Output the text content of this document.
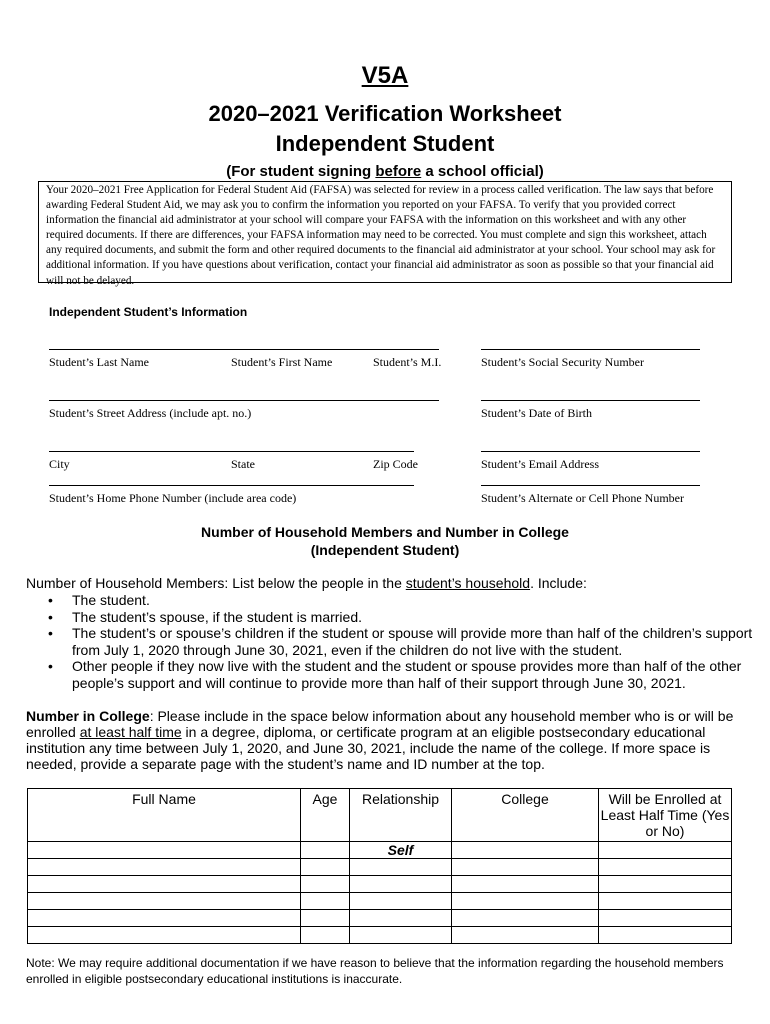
V5A
2020–2021 Verification Worksheet
Independent Student
(For student signing before a school official)
Your 2020–2021 Free Application for Federal Student Aid (FAFSA) was selected for review in a process called verification. The law says that before awarding Federal Student Aid, we may ask you to confirm the information you reported on your FAFSA. To verify that you provided correct information the financial aid administrator at your school will compare your FAFSA with the information on this worksheet and with any other required documents. If there are differences, your FAFSA information may need to be corrected. You must complete and sign this worksheet, attach any required documents, and submit the form and other required documents to the financial aid administrator at your school. Your school may ask for additional information. If you have questions about verification, contact your financial aid administrator as soon as possible so that your financial aid will not be delayed.
Independent Student’s Information
Student’s Last Name	Student’s First Name	Student’s M.I.	Student’s Social Security Number
Student’s Street Address (include apt. no.)	Student’s Date of Birth
City	State	Zip Code	Student’s Email Address
Student’s Home Phone Number (include area code)	Student’s Alternate or Cell Phone Number
Number of Household Members and Number in College
(Independent Student)
Number of Household Members: List below the people in the student’s household. Include:
• The student.
• The student’s spouse, if the student is married.
• The student’s or spouse’s children if the student or spouse will provide more than half of the children’s support from July 1, 2020 through June 30, 2021, even if the children do not live with the student.
• Other people if they now live with the student and the student or spouse provides more than half of the other people’s support and will continue to provide more than half of their support through June 30, 2021.
Number in College: Please include in the space below information about any household member who is or will be enrolled at least half time in a degree, diploma, or certificate program at an eligible postsecondary educational institution any time between July 1, 2020, and June 30, 2021, include the name of the college. If more space is needed, provide a separate page with the student’s name and ID number at the top.
Full Name	Age	Relationship	College	Will be Enrolled at Least Half Time (Yes or No)
		Self		

Note: We may require additional documentation if we have reason to believe that the information regarding the household members enrolled in eligible postsecondary educational institutions is inaccurate.
